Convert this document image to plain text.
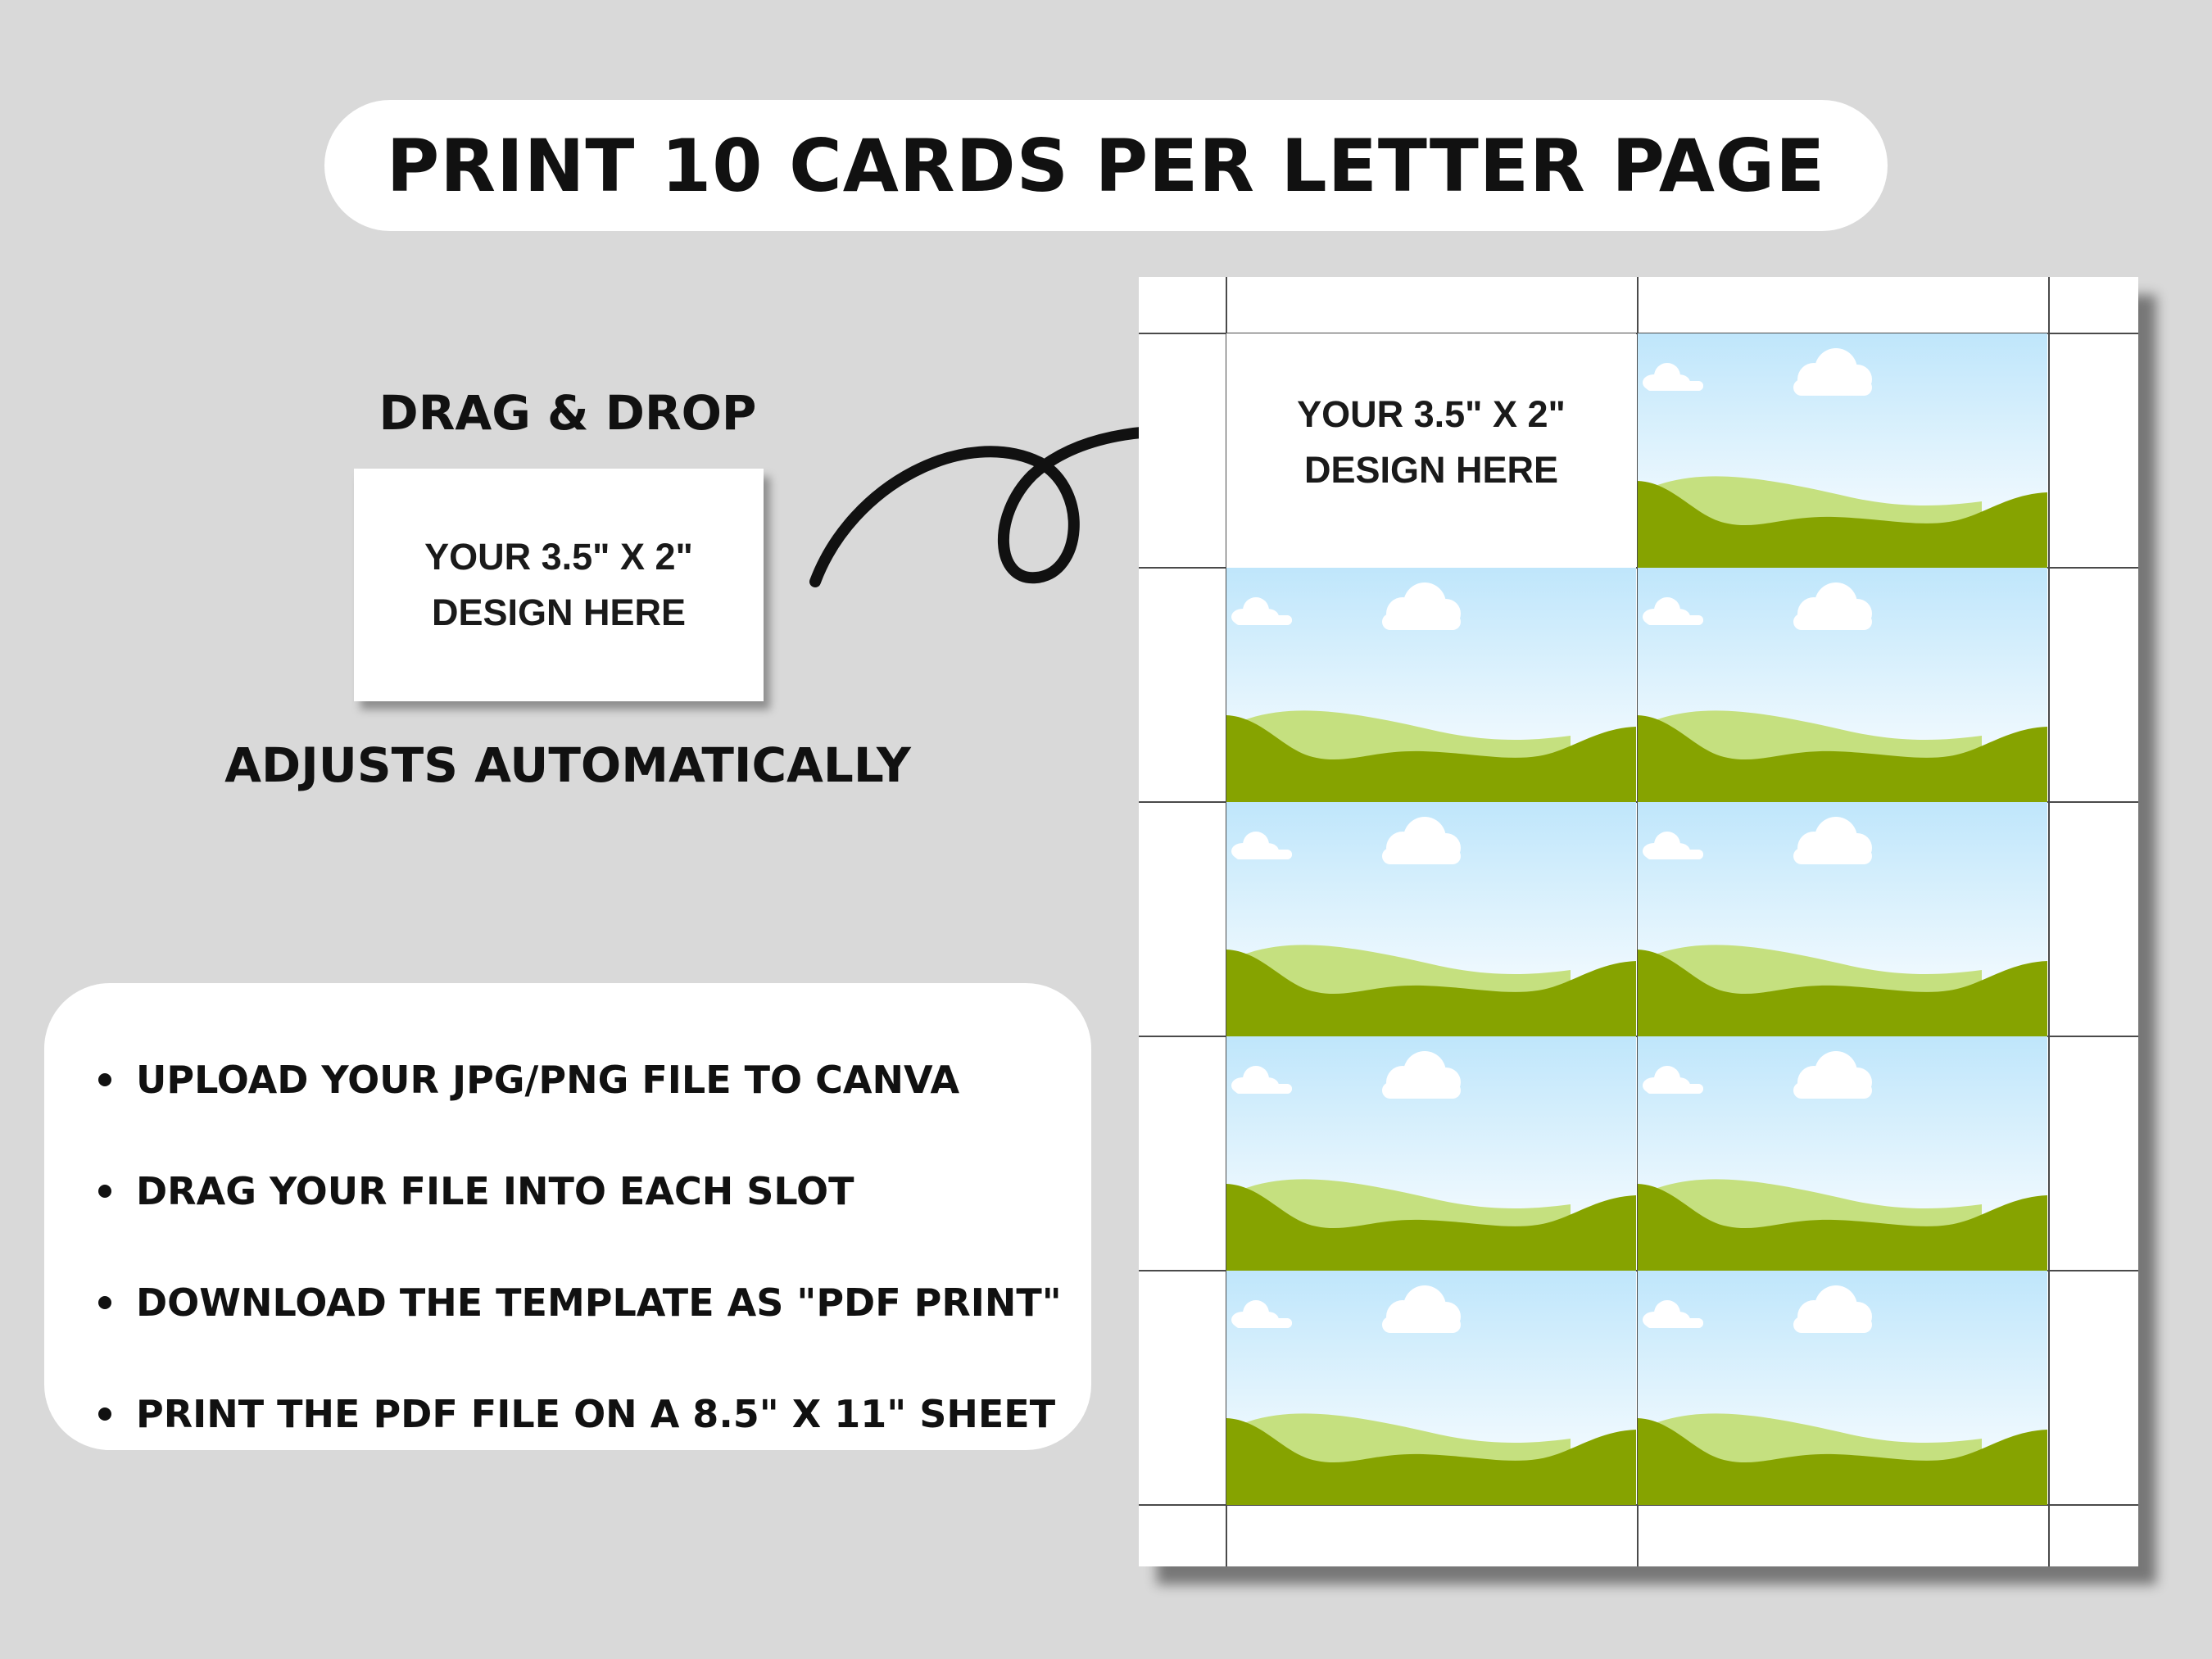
PRINT 10 CARDS PER LETTER PAGE
DRAG & DROP
YOUR 3.5" X 2"
DESIGN HERE
ADJUSTS AUTOMATICALLY
UPLOAD YOUR JPG/PNG FILE TO CANVA
DRAG YOUR FILE INTO EACH SLOT
DOWNLOAD THE TEMPLATE AS "PDF PRINT"
PRINT THE PDF FILE ON A 8.5" X 11" SHEET
YOUR 3.5" X 2"
DESIGN HERE
